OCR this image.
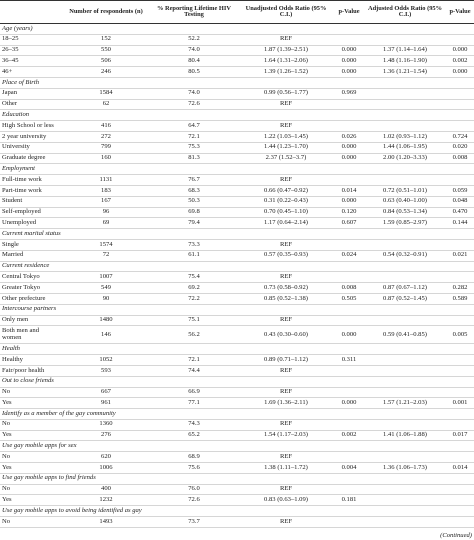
	Number of respondents (n)	% Reporting Lifetime HIV Testing	Unadjusted Odds Ratio (95% C.I.)	p-Value	Adjusted Odds Ratio (95% C.I.)	p-Value
Age (years)						
18–25	152	52.2	REF			
26–35	550	74.0	1.87 (1.39–2.51)	0.000	1.37 (1.14–1.64)	0.000
36–45	506	80.4	1.64 (1.31–2.06)	0.000	1.48 (1.16–1.90)	0.002
46+	246	80.5	1.39 (1.26–1.52)	0.000	1.36 (1.21–1.54)	0.000
Place of Birth						
Japan	1584	74.0	0.99 (0.56–1.77)	0.969		
Other	62	72.6	REF			
Education						
High School or less	416	64.7	REF			
2 year university	272	72.1	1.22 (1.03–1.45)	0.026	1.02 (0.93–1.12)	0.724
University	799	75.3	1.44 (1.23–1.70)	0.000	1.44 (1.06–1.95)	0.020
Graduate degree	160	81.3	2.37 (1.52–3.7)	0.000	2.00 (1.20–3.33)	0.008
Employment						
Full-time work	1131	76.7	REF			
Part-time work	183	68.3	0.66 (0.47–0.92)	0.014	0.72 (0.51–1.01)	0.059
Student	167	50.3	0.31 (0.22–0.43)	0.000	0.63 (0.40–1.00)	0.048
Self-employed	96	69.8	0.70 (0.45–1.10)	0.120	0.84 (0.53–1.34)	0.470
Unemployed	69	79.4	1.17 (0.64–2.14)	0.607	1.59 (0.85–2.97)	0.144
Current marital status						
Single	1574	73.3	REF			
Married	72	61.1	0.57 (0.35–0.93)	0.024	0.54 (0.32–0.91)	0.021
Current residence						
Central Tokyo	1007	75.4	REF			
Greater Tokyo	549	69.2	0.73 (0.58–0.92)	0.008	0.87 (0.67–1.12)	0.282
Other prefecture	90	72.2	0.85 (0.52–1.38)	0.505	0.87 (0.52–1.45)	0.589
Intercourse partners						
Only men	1480	75.1	REF			
Both men and women	146	56.2	0.43 (0.30–0.60)	0.000	0.59 (0.41–0.85)	0.005
Health						
Healthy	1052	72.1	0.89 (0.71–1.12)	0.311		
Fair/poor health	593	74.4	REF			
Out to close friends						
No	667	66.9	REF			
Yes	961	77.1	1.69 (1.36–2.11)	0.000	1.57 (1.21–2.03)	0.001
Identify as a member of the gay community						
No	1360	74.3	REF			
Yes	276	65.2	1.54 (1.17–2.03)	0.002	1.41 (1.06–1.88)	0.017
Use gay mobile apps for sex						
No	620	68.9	REF			
Yes	1006	75.6	1.38 (1.11–1.72)	0.004	1.36 (1.06–1.73)	0.014
Use gay mobile apps to find friends						
No	400	76.0	REF			
Yes	1232	72.6	0.83 (0.63–1.09)	0.181		
Use gay mobile apps to avoid being identified as gay						
No	1493	73.7	REF			
(Continued)
